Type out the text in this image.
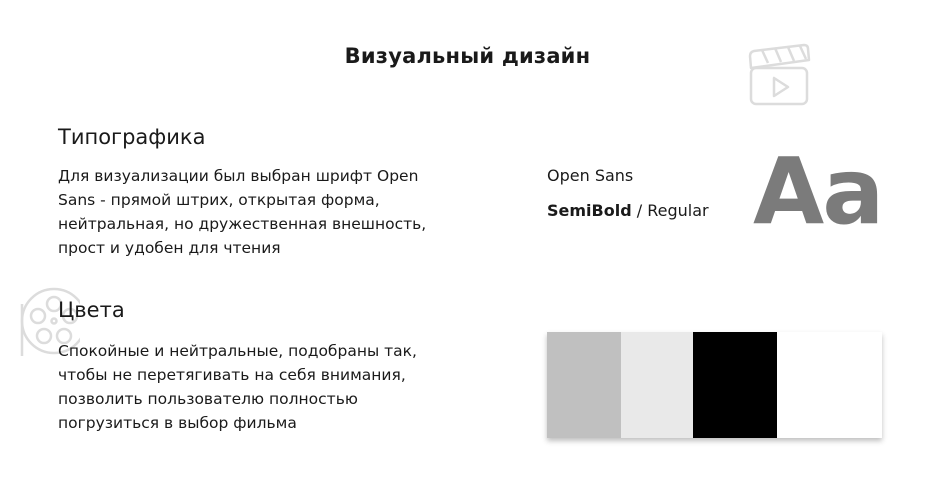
Визуальный дизайн
Типографика
Для визуализации был выбран шрифт Open
Sans - прямой штрих, открытая форма,
нейтральная, но дружественная внешность,
прост и удобен для чтения
Open Sans
SemiBold / Regular Aa
Цвета
Спокойные и нейтральные, подобраны так,
чтобы не перетягивать на себя внимания,
позволить пользователю полностью
погрузиться в выбор фильма
